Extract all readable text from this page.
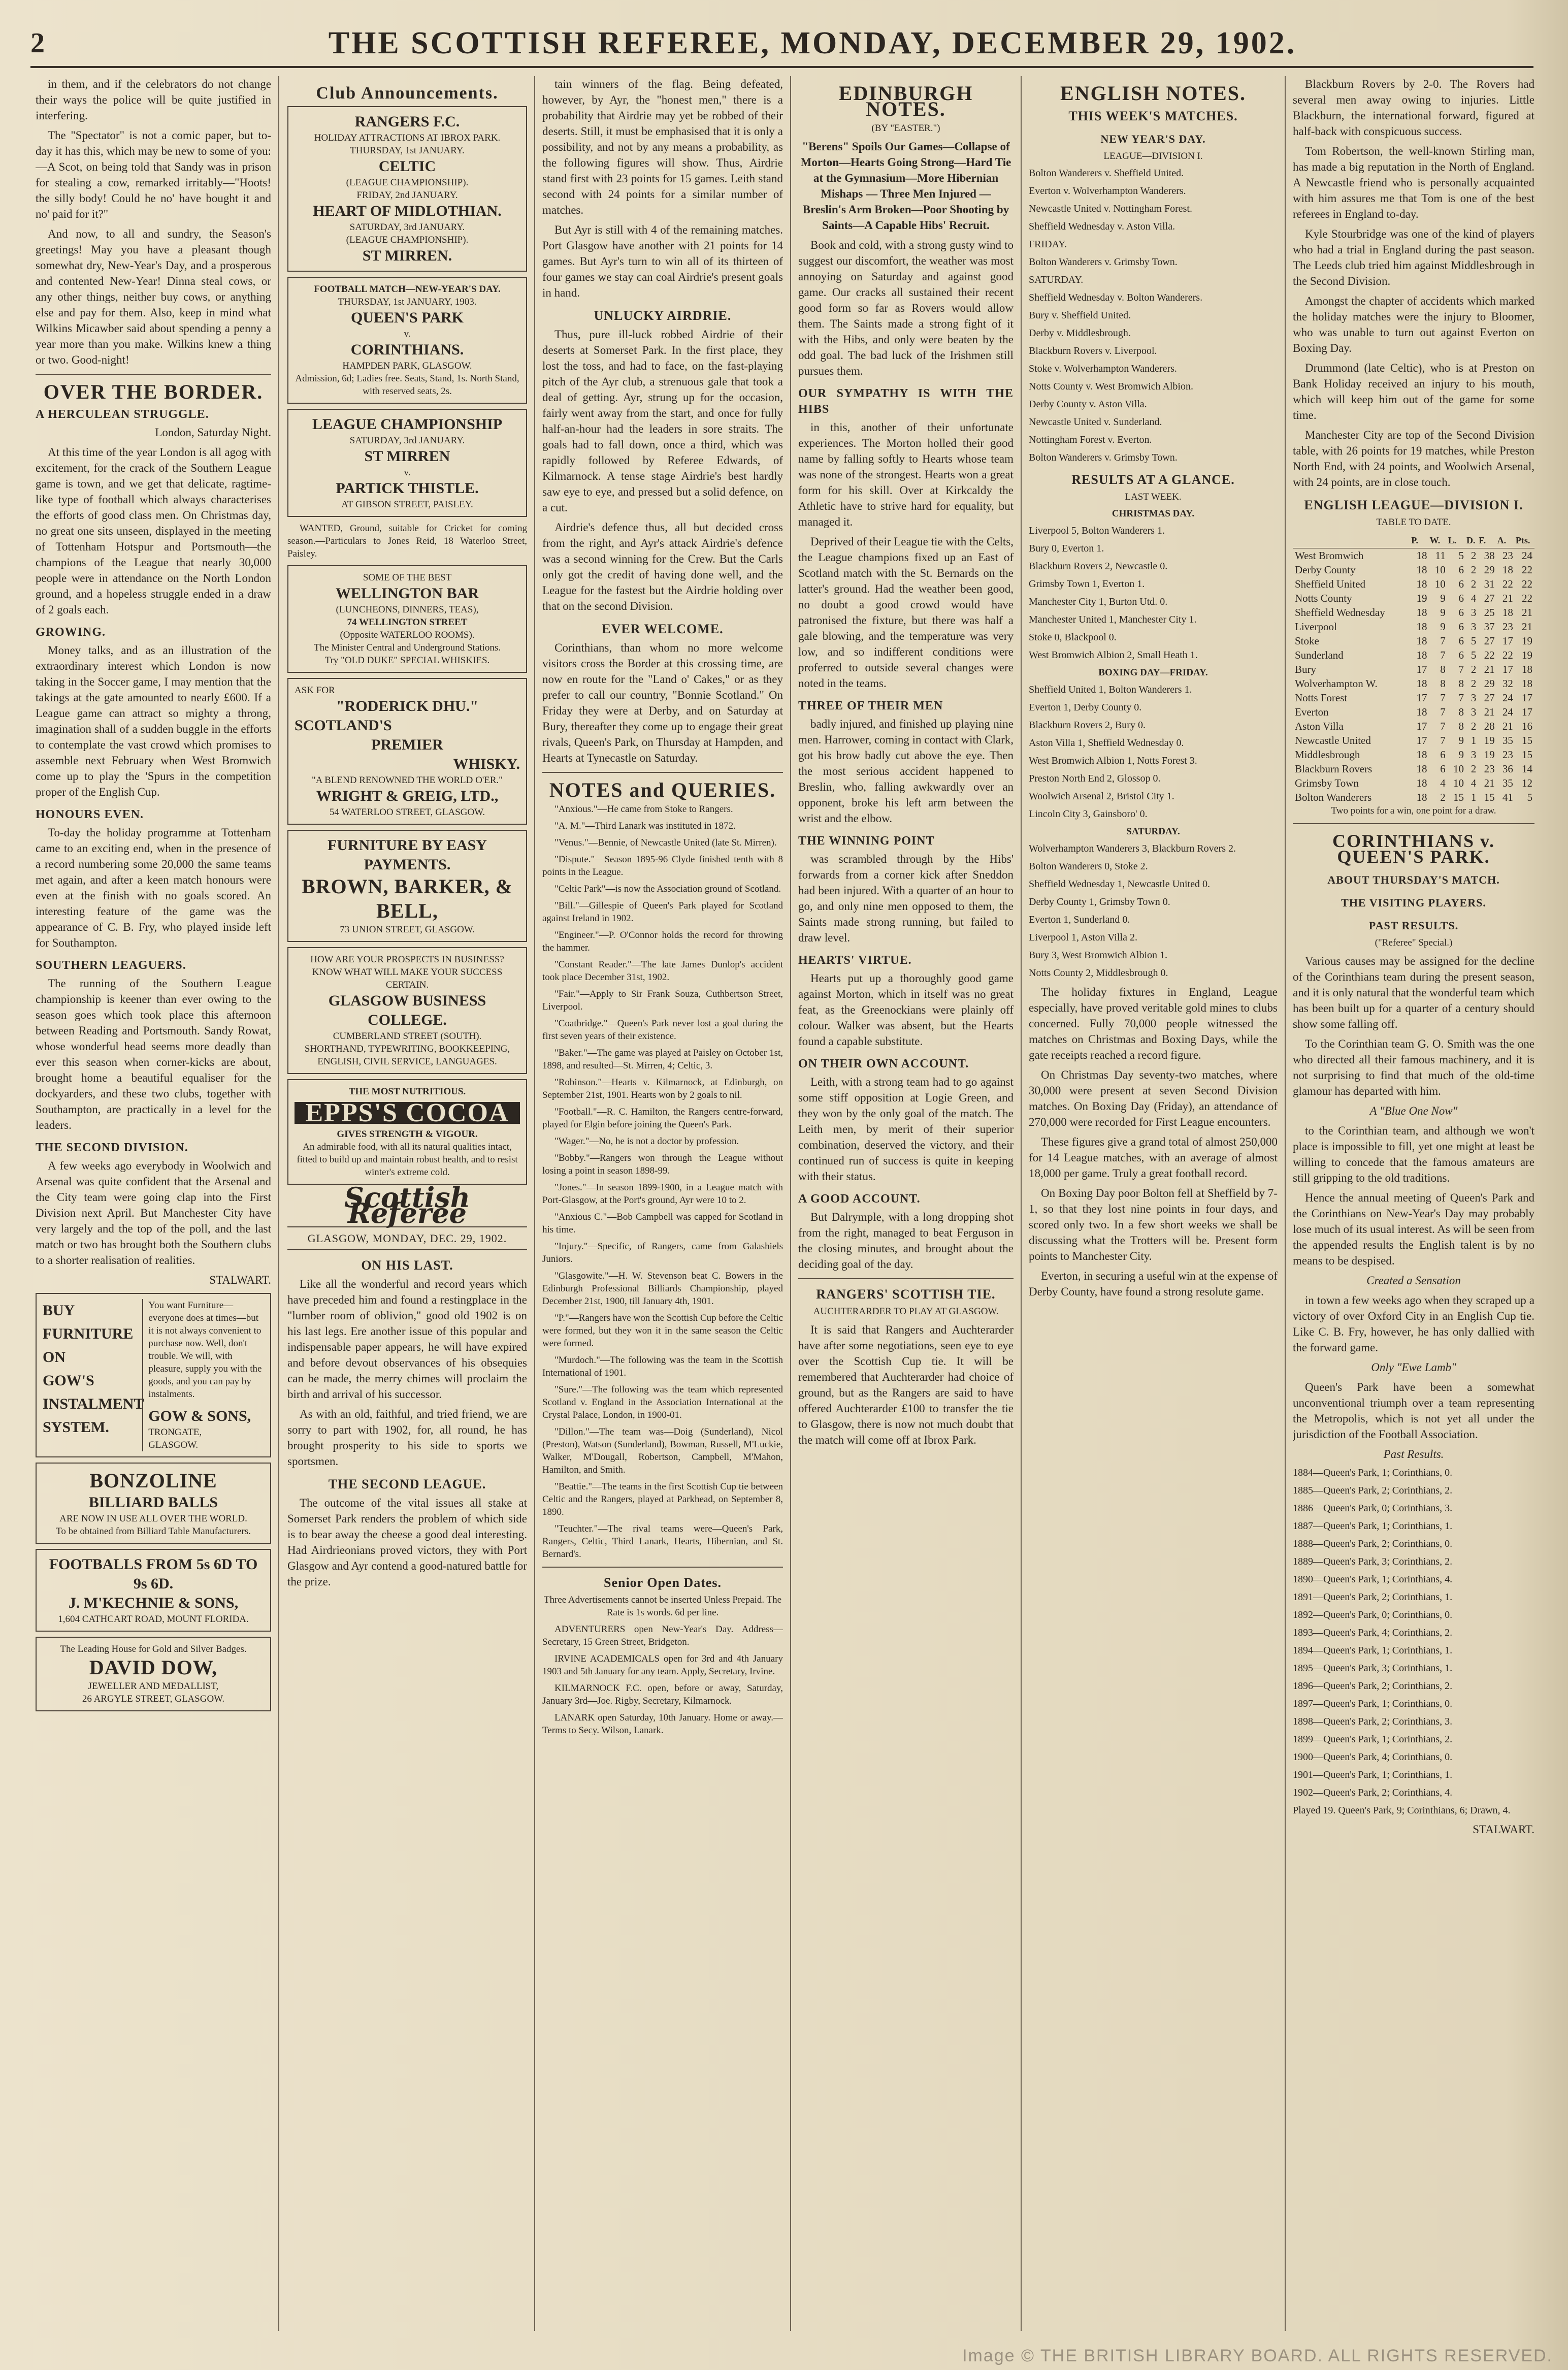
2	THE SCOTTISH REFEREE, MONDAY, DECEMBER 29, 1902.

in them, and if the celebrators do not change their ways the police will be quite justified in interfering.

The "Spectator" is not a comic paper, but to-day it has this, which may be new to some of you:—A Scot, on being told that Sandy was in prison for stealing a cow, remarked irritably—"Hoots! the silly body! Could he no' have bought it and no' paid for it?"

And now, to all and sundry, the Season's greetings! May you have a pleasant though somewhat dry, New-Year's Day, and a prosperous and contented New-Year! Dinna steal cows, or any other things, neither buy cows, or anything else and pay for them. Also, keep in mind what Wilkins Micawber said about spending a penny a year more than you make. Wilkins knew a thing or two. Good-night!

OVER THE BORDER.
A HERCULEAN STRUGGLE.

London, Saturday Night.

At this time of the year London is all agog with excitement, for the crack of the Southern League game is town, and we get that delicate, ragtime-like type of football which always characterises the efforts of good class men. On Christmas day, no great one sits unseen, displayed in the meeting of Tottenham Hotspur and Portsmouth—the champions of the League that nearly 30,000 people were in attendance on the North London ground, and a hopeless struggle ended in a draw of 2 goals each.

GROWING.

Money talks, and as an illustration of the extraordinary interest which London is now taking in the Soccer game, I may mention that the takings at the gate amounted to nearly £600. If a League game can attract so mighty a throng, imagination shall of a sudden buggle in the efforts to contemplate the vast crowd which promises to assemble next February when West Bromwich come up to play the 'Spurs in the competition proper of the English Cup.

HONOURS EVEN.

To-day the holiday programme at Tottenham came to an exciting end, when in the presence of a record numbering some 20,000 the same teams met again, and after a keen match honours were even at the finish with no goals scored. An interesting feature of the game was the appearance of C. B. Fry, who played inside left for Southampton.

SOUTHERN LEAGUERS.

The running of the Southern League championship is keener than ever owing to the season goes which took place this afternoon between Reading and Portsmouth. Sandy Rowat, whose wonderful head seems more deadly than ever this season when corner-kicks are about, brought home a beautiful equaliser for the dockyarders, and these two clubs, together with Southampton, are practically in a level for the leaders.

THE SECOND DIVISION.

A few weeks ago everybody in Woolwich and Arsenal was quite confident that the Arsenal and the City team were going clap into the First Division next April. But Manchester City have very largely and the top of the poll, and the last match or two has brought both the Southern clubs to a shorter realisation of realities.

STALWART.

BUY
FURNITURE
ON
GOW'S
INSTALMENT
SYSTEM.
You want Furniture—everyone does at times—but it is not always convenient to purchase now. Well, don't trouble. We will, with pleasure, supply you with the goods, and you can pay by instalments.
GOW & SONS,
TRONGATE,
GLASGOW.
BONZOLINE
BILLIARD BALLS
ARE NOW IN USE ALL OVER THE WORLD.
To be obtained from Billiard Table Manufacturers.
FOOTBALLS FROM 5s 6D TO 9s 6D.
J. M'KECHNIE & SONS,
1,604 CATHCART ROAD, MOUNT FLORIDA.
The Leading House for Gold and Silver Badges.
DAVID DOW,
JEWELLER AND MEDALLIST,
26 ARGYLE STREET, GLASGOW.
Club Announcements.
RANGERS F.C.
HOLIDAY ATTRACTIONS AT IBROX PARK.
THURSDAY, 1st JANUARY.
CELTIC
(LEAGUE CHAMPIONSHIP).
FRIDAY, 2nd JANUARY.
HEART OF MIDLOTHIAN.
SATURDAY, 3rd JANUARY.
(LEAGUE CHAMPIONSHIP).
ST MIRREN.
FOOTBALL MATCH—NEW-YEAR'S DAY.
THURSDAY, 1st JANUARY, 1903.
QUEEN'S PARK
v.
CORINTHIANS.
HAMPDEN PARK, GLASGOW.
Admission, 6d; Ladies free. Seats, Stand, 1s. North Stand, with reserved seats, 2s.
LEAGUE CHAMPIONSHIP
SATURDAY, 3rd JANUARY.
ST MIRREN
v.
PARTICK THISTLE.
AT GIBSON STREET, PAISLEY.

WANTED, Ground, suitable for Cricket for coming season.—Particulars to Jones Reid, 18 Waterloo Street, Paisley.

SOME OF THE BEST
WELLINGTON BAR
(LUNCHEONS, DINNERS, TEAS),
74 WELLINGTON STREET
(Opposite WATERLOO ROOMS).
The Minister Central and Underground Stations.
Try "OLD DUKE" SPECIAL WHISKIES.
ASK FOR
"RODERICK DHU."
SCOTLAND'S
PREMIER
WHISKY.
"A BLEND RENOWNED THE WORLD O'ER."
WRIGHT & GREIG, LTD.,
54 WATERLOO STREET, GLASGOW.
FURNITURE BY EASY PAYMENTS.
BROWN, BARKER, & BELL,
73 UNION STREET, GLASGOW.
HOW ARE YOUR PROSPECTS IN BUSINESS? KNOW WHAT WILL MAKE YOUR SUCCESS CERTAIN.
GLASGOW BUSINESS COLLEGE.
CUMBERLAND STREET (SOUTH).
SHORTHAND, TYPEWRITING, BOOKKEEPING, ENGLISH, CIVIL SERVICE, LANGUAGES.
THE MOST NUTRITIOUS.
EPPS'S COCOA
GIVES STRENGTH & VIGOUR.
An admirable food, with all its natural qualities intact, fitted to build up and maintain robust health, and to resist winter's extreme cold.
Scottish Referee
GLASGOW, MONDAY, DEC. 29, 1902.
ON HIS LAST.

Like all the wonderful and record years which have preceded him and found a restingplace in the "lumber room of oblivion," good old 1902 is on his last legs. Ere another issue of this popular and indispensable paper appears, he will have expired and before devout observances of his obsequies can be made, the merry chimes will proclaim the birth and arrival of his successor.

As with an old, faithful, and tried friend, we are sorry to part with 1902, for, all round, he has brought prosperity to his side to sports we sportsmen.

THE SECOND LEAGUE.

The outcome of the vital issues all stake at Somerset Park renders the problem of which side is to bear away the cheese a good deal interesting. Had Airdrieonians proved victors, they with Port Glasgow and Ayr contend a good-natured battle for the prize.

tain winners of the flag. Being defeated, however, by Ayr, the "honest men," there is a probability that Airdrie may yet be robbed of their deserts. Still, it must be emphasised that it is only a possibility, and not by any means a probability, as the following figures will show. Thus, Airdrie stand first with 23 points for 15 games. Leith stand second with 24 points for a similar number of matches.

But Ayr is still with 4 of the remaining matches. Port Glasgow have another with 21 points for 14 games. But Ayr's turn to win all of its thirteen of four games we stay can coal Airdrie's present goals in hand.

UNLUCKY AIRDRIE.

Thus, pure ill-luck robbed Airdrie of their deserts at Somerset Park. In the first place, they lost the toss, and had to face, on the fast-playing pitch of the Ayr club, a strenuous gale that took a deal of getting. Ayr, strung up for the occasion, fairly went away from the start, and once for fully half-an-hour had the leaders in sore straits. The goals had to fall down, once a third, which was rapidly followed by Referee Edwards, of Kilmarnock. A tense stage Airdrie's best hardly saw eye to eye, and pressed but a solid defence, on a cut.

Airdrie's defence thus, all but decided cross from the right, and Ayr's attack Airdrie's defence was a second winning for the Crew. But the Carls only got the credit of having done well, and the League for the fastest but the Airdrie holding over that on the second Division.

EVER WELCOME.

Corinthians, than whom no more welcome visitors cross the Border at this crossing time, are now en route for the "Land o' Cakes," or as they prefer to call our country, "Bonnie Scotland." On Friday they were at Derby, and on Saturday at Bury, thereafter they come up to engage their great rivals, Queen's Park, on Thursday at Hampden, and Hearts at Tynecastle on Saturday.

NOTES and QUERIES.

"Anxious."—He came from Stoke to Rangers.

"A. M."—Third Lanark was instituted in 1872.

"Venus."—Bennie, of Newcastle United (late St. Mirren).

"Dispute."—Season 1895-96 Clyde finished tenth with 8 points in the League.

"Celtic Park"—is now the Association ground of Scotland.

"Bill."—Gillespie of Queen's Park played for Scotland against Ireland in 1902.

"Engineer."—P. O'Connor holds the record for throwing the hammer.

"Constant Reader."—The late James Dunlop's accident took place December 31st, 1902.

"Fair."—Apply to Sir Frank Souza, Cuthbertson Street, Liverpool.

"Coatbridge."—Queen's Park never lost a goal during the first seven years of their existence.

"Baker."—The game was played at Paisley on October 1st, 1898, and resulted—St. Mirren, 4; Celtic, 3.

"Robinson."—Hearts v. Kilmarnock, at Edinburgh, on September 21st, 1901. Hearts won by 2 goals to nil.

"Football."—R. C. Hamilton, the Rangers centre-forward, played for Elgin before joining the Queen's Park.

"Wager."—No, he is not a doctor by profession.

"Bobby."—Rangers won through the League without losing a point in season 1898-99.

"Jones."—In season 1899-1900, in a League match with Port-Glasgow, at the Port's ground, Ayr were 10 to 2.

"Anxious C."—Bob Campbell was capped for Scotland in his time.

"Injury."—Specific, of Rangers, came from Galashiels Juniors.

"Glasgowite."—H. W. Stevenson beat C. Bowers in the Edinburgh Professional Billiards Championship, played December 21st, 1900, till January 4th, 1901.

"P."—Rangers have won the Scottish Cup before the Celtic were formed, but they won it in the same season the Celtic were formed.

"Murdoch."—The following was the team in the Scottish International of 1901.

"Sure."—The following was the team which represented Scotland v. England in the Association International at the Crystal Palace, London, in 1900-01.

"Dillon."—The team was—Doig (Sunderland), Nicol (Preston), Watson (Sunderland), Bowman, Russell, M'Luckie, Walker, M'Dougall, Robertson, Campbell, M'Mahon, Hamilton, and Smith.

"Beattie."—The teams in the first Scottish Cup tie between Celtic and the Rangers, played at Parkhead, on September 8, 1890.

"Teuchter."—The rival teams were—Queen's Park, Rangers, Celtic, Third Lanark, Hearts, Hibernian, and St. Bernard's.

Senior Open Dates.

Three Advertisements cannot be inserted Unless Prepaid. The Rate is 1s words. 6d per line.

ADVENTURERS open New-Year's Day. Address—Secretary, 15 Green Street, Bridgeton.

IRVINE ACADEMICALS open for 3rd and 4th January 1903 and 5th January for any team. Apply, Secretary, Irvine.

KILMARNOCK F.C. open, before or away, Saturday, January 3rd—Joe. Rigby, Secretary, Kilmarnock.

LANARK open Saturday, 10th January. Home or away.—Terms to Secy. Wilson, Lanark.

EDINBURGH NOTES.

(BY "EASTER.")

"Berens" Spoils Our Games—Collapse of Morton—Hearts Going Strong—Hard Tie at the Gymnasium—More Hibernian Mishaps — Three Men Injured — Breslin's Arm Broken—Poor Shooting by Saints—A Capable Hibs' Recruit.

Book and cold, with a strong gusty wind to suggest our discomfort, the weather was most annoying on Saturday and against good game. Our cracks all sustained their recent good form so far as Rovers would allow them. The Saints made a strong fight of it with the Hibs, and only were beaten by the odd goal. The bad luck of the Irishmen still pursues them.

OUR SYMPATHY IS WITH THE HIBS

in this, another of their unfortunate experiences. The Morton holled their good name by falling softly to Hearts whose team was none of the strongest. Hearts won a great form for his skill. Over at Kirkcaldy the Athletic have to strive hard for equality, but managed it.

Deprived of their League tie with the Celts, the League champions fixed up an East of Scotland match with the St. Bernards on the latter's ground. Had the weather been good, no doubt a good crowd would have patronised the fixture, but there was half a gale blowing, and the temperature was very low, and so indifferent conditions were proferred to outside several changes were noted in the teams.

THREE OF THEIR MEN

badly injured, and finished up playing nine men. Harrower, coming in contact with Clark, got his brow badly cut above the eye. Then the most serious accident happened to Breslin, who, falling awkwardly over an opponent, broke his left arm between the wrist and the elbow.

THE WINNING POINT

was scrambled through by the Hibs' forwards from a corner kick after Sneddon had been injured. With a quarter of an hour to go, and only nine men opposed to them, the Saints made strong running, but failed to draw level.

HEARTS' VIRTUE.

Hearts put up a thoroughly good game against Morton, which in itself was no great feat, as the Greenockians were plainly off colour. Walker was absent, but the Hearts found a capable substitute.

ON THEIR OWN ACCOUNT.

Leith, with a strong team had to go against some stiff opposition at Logie Green, and they won by the only goal of the match. The Leith men, by merit of their superior combination, deserved the victory, and their continued run of success is quite in keeping with their status.

A GOOD ACCOUNT.

But Dalrymple, with a long dropping shot from the right, managed to beat Ferguson in the closing minutes, and brought about the deciding goal of the day.

RANGERS' SCOTTISH TIE.

AUCHTERARDER TO PLAY AT GLASGOW.

It is said that Rangers and Auchterarder have after some negotiations, seen eye to eye over the Scottish Cup tie. It will be remembered that Auchterarder had choice of ground, but as the Rangers are said to have offered Auchterarder £100 to transfer the tie to Glasgow, there is now not much doubt that the match will come off at Ibrox Park.

ENGLISH NOTES.
THIS WEEK'S MATCHES.
NEW YEAR'S DAY.

LEAGUE—DIVISION I.

Bolton Wanderers v. Sheffield United.

Everton v. Wolverhampton Wanderers.

Newcastle United v. Nottingham Forest.

Sheffield Wednesday v. Aston Villa.

FRIDAY.

Bolton Wanderers v. Grimsby Town.

SATURDAY.

Sheffield Wednesday v. Bolton Wanderers.

Bury v. Sheffield United.

Derby v. Middlesbrough.

Blackburn Rovers v. Liverpool.

Stoke v. Wolverhampton Wanderers.

Notts County v. West Bromwich Albion.

Derby County v. Aston Villa.

Newcastle United v. Sunderland.

Nottingham Forest v. Everton.

Bolton Wanderers v. Grimsby Town.

RESULTS AT A GLANCE.

LAST WEEK.

CHRISTMAS DAY.

Liverpool 5, Bolton Wanderers 1.

Bury 0, Everton 1.

Blackburn Rovers 2, Newcastle 0.

Grimsby Town 1, Everton 1.

Manchester City 1, Burton Utd. 0.

Manchester United 1, Manchester City 1.

Stoke 0, Blackpool 0.

West Bromwich Albion 2, Small Heath 1.

BOXING DAY—FRIDAY.

Sheffield United 1, Bolton Wanderers 1.

Everton 1, Derby County 0.

Blackburn Rovers 2, Bury 0.

Aston Villa 1, Sheffield Wednesday 0.

West Bromwich Albion 1, Notts Forest 3.

Preston North End 2, Glossop 0.

Woolwich Arsenal 2, Bristol City 1.

Lincoln City 3, Gainsboro' 0.

SATURDAY.

Wolverhampton Wanderers 3, Blackburn Rovers 2.

Bolton Wanderers 0, Stoke 2.

Sheffield Wednesday 1, Newcastle United 0.

Derby County 1, Grimsby Town 0.

Everton 1, Sunderland 0.

Liverpool 1, Aston Villa 2.

Bury 3, West Bromwich Albion 1.

Notts County 2, Middlesbrough 0.

The holiday fixtures in England, League especially, have proved veritable gold mines to clubs concerned. Fully 70,000 people witnessed the matches on Christmas and Boxing Days, while the gate receipts reached a record figure.

On Christmas Day seventy-two matches, where 30,000 were present at seven Second Division matches. On Boxing Day (Friday), an attendance of 270,000 were recorded for First League encounters.

These figures give a grand total of almost 250,000 for 14 League matches, with an average of almost 18,000 per game. Truly a great football record.

On Boxing Day poor Bolton fell at Sheffield by 7-1, so that they lost nine points in four days, and scored only two. In a few short weeks we shall be discussing what the Trotters will be. Present form points to Manchester City.

Everton, in securing a useful win at the expense of Derby County, have found a strong resolute game.

Blackburn Rovers by 2-0. The Rovers had several men away owing to injuries. Little Blackburn, the international forward, figured at half-back with conspicuous success.

Tom Robertson, the well-known Stirling man, has made a big reputation in the North of England. A Newcastle friend who is personally acquainted with him assures me that Tom is one of the best referees in England to-day.

Kyle Stourbridge was one of the kind of players who had a trial in England during the past season. The Leeds club tried him against Middlesbrough in the Second Division.

Amongst the chapter of accidents which marked the holiday matches were the injury to Bloomer, who was unable to turn out against Everton on Boxing Day.

Drummond (late Celtic), who is at Preston on Bank Holiday received an injury to his mouth, which will keep him out of the game for some time.

Manchester City are top of the Second Division table, with 26 points for 19 matches, while Preston North End, with 24 points, and Woolwich Arsenal, with 24 points, are in close touch.

ENGLISH LEAGUE—DIVISION I.

TABLE TO DATE.

	P.	W.	L.	D.	F.	A.	Pts.
West Bromwich	18	11	5	2	38	23	24
Derby County	18	10	6	2	29	18	22
Sheffield United	18	10	6	2	31	22	22
Notts County	19	9	6	4	27	21	22
Sheffield Wednesday	18	9	6	3	25	18	21
Liverpool	18	9	6	3	37	23	21
Stoke	18	7	6	5	27	17	19
Sunderland	18	7	6	5	22	22	19
Bury	17	8	7	2	21	17	18
Wolverhampton W.	18	8	8	2	29	32	18
Notts Forest	17	7	7	3	27	24	17
Everton	18	7	8	3	21	24	17
Aston Villa	17	7	8	2	28	21	16
Newcastle United	17	7	9	1	19	35	15
Middlesbrough	18	6	9	3	19	23	15
Blackburn Rovers	18	6	10	2	23	36	14
Grimsby Town	18	4	10	4	21	35	12
Bolton Wanderers	18	2	15	1	15	41	5

Two points for a win, one point for a draw.

CORINTHIANS v. QUEEN'S PARK.
ABOUT THURSDAY'S MATCH.
THE VISITING PLAYERS.
PAST RESULTS.

("Referee" Special.)

Various causes may be assigned for the decline of the Corinthians team during the present season, and it is only natural that the wonderful team which has been built up for a quarter of a century should show some falling off.

To the Corinthian team G. O. Smith was the one who directed all their famous machinery, and it is not surprising to find that much of the old-time glamour has departed with him.

A "Blue One Now"

to the Corinthian team, and although we won't place is impossible to fill, yet one might at least be willing to concede that the famous amateurs are still gripping to the old traditions.

Hence the annual meeting of Queen's Park and the Corinthians on New-Year's Day may probably lose much of its usual interest. As will be seen from the appended results the English talent is by no means to be despised.

Created a Sensation

in town a few weeks ago when they scraped up a victory of over Oxford City in an English Cup tie. Like C. B. Fry, however, he has only dallied with the forward game.

Only "Ewe Lamb"

Queen's Park have been a somewhat unconventional triumph over a team representing the Metropolis, which is not yet all under the jurisdiction of the Football Association.

Past Results.

1884—Queen's Park, 1; Corinthians, 0.

1885—Queen's Park, 2; Corinthians, 2.

1886—Queen's Park, 0; Corinthians, 3.

1887—Queen's Park, 1; Corinthians, 1.

1888—Queen's Park, 2; Corinthians, 0.

1889—Queen's Park, 3; Corinthians, 2.

1890—Queen's Park, 1; Corinthians, 4.

1891—Queen's Park, 2; Corinthians, 1.

1892—Queen's Park, 0; Corinthians, 0.

1893—Queen's Park, 4; Corinthians, 2.

1894—Queen's Park, 1; Corinthians, 1.

1895—Queen's Park, 3; Corinthians, 1.

1896—Queen's Park, 2; Corinthians, 2.

1897—Queen's Park, 1; Corinthians, 0.

1898—Queen's Park, 2; Corinthians, 3.

1899—Queen's Park, 1; Corinthians, 2.

1900—Queen's Park, 4; Corinthians, 0.

1901—Queen's Park, 1; Corinthians, 1.

1902—Queen's Park, 2; Corinthians, 4.

Played 19. Queen's Park, 9; Corinthians, 6; Drawn, 4.

STALWART.

Image © THE BRITISH LIBRARY BOARD. ALL RIGHTS RESERVED.
